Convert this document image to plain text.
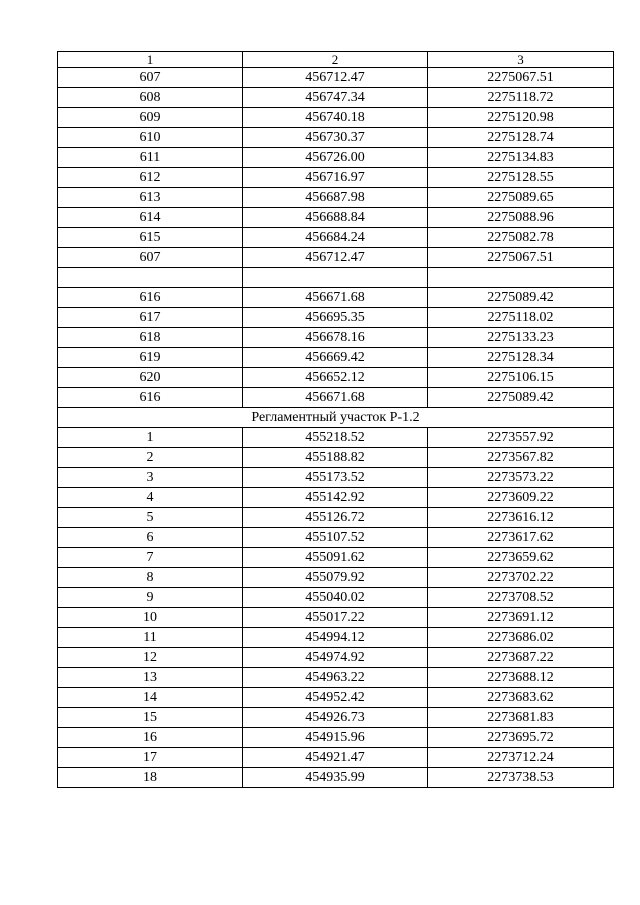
1	2	3
607	456712.47	2275067.51
608	456747.34	2275118.72
609	456740.18	2275120.98
610	456730.37	2275128.74
611	456726.00	2275134.83
612	456716.97	2275128.55
613	456687.98	2275089.65
614	456688.84	2275088.96
615	456684.24	2275082.78
607	456712.47	2275067.51

616	456671.68	2275089.42
617	456695.35	2275118.02
618	456678.16	2275133.23
619	456669.42	2275128.34
620	456652.12	2275106.15
616	456671.68	2275089.42
Регламентный участок Р-1.2		
1	455218.52	2273557.92
2	455188.82	2273567.82
3	455173.52	2273573.22
4	455142.92	2273609.22
5	455126.72	2273616.12
6	455107.52	2273617.62
7	455091.62	2273659.62
8	455079.92	2273702.22
9	455040.02	2273708.52
10	455017.22	2273691.12
11	454994.12	2273686.02
12	454974.92	2273687.22
13	454963.22	2273688.12
14	454952.42	2273683.62
15	454926.73	2273681.83
16	454915.96	2273695.72
17	454921.47	2273712.24
18	454935.99	2273738.53
